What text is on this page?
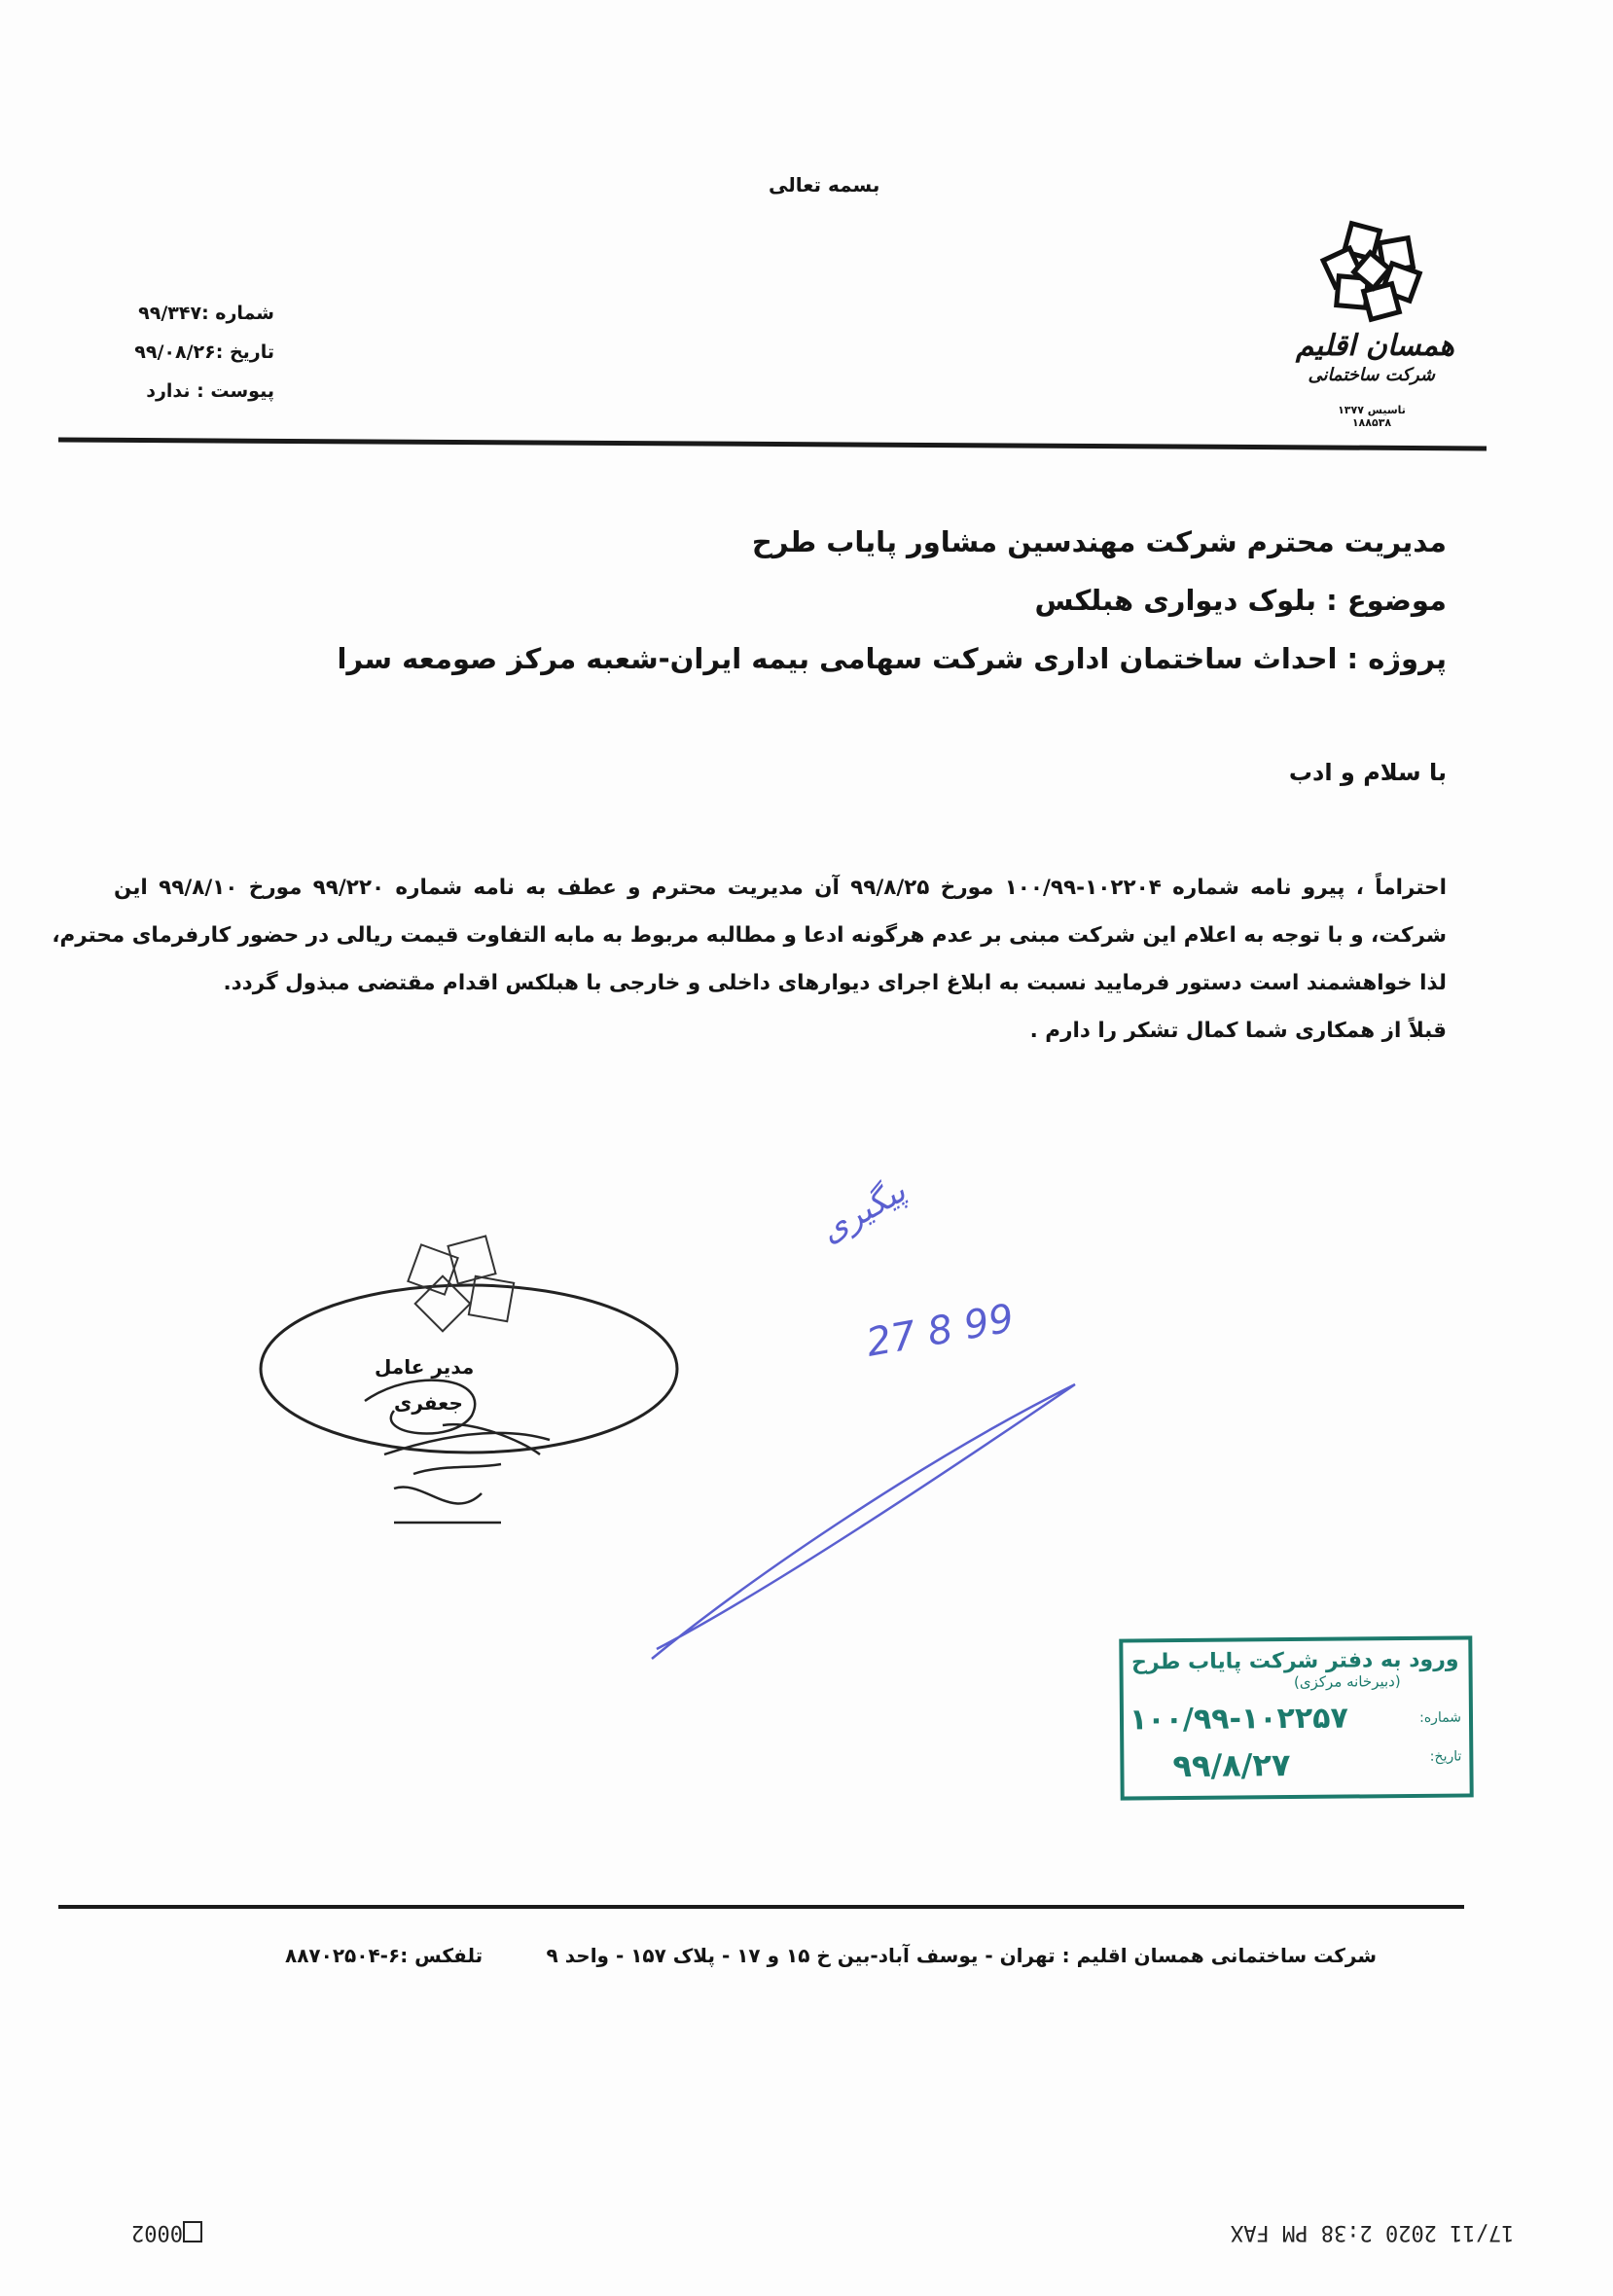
بسمه تعالی
شماره :۹۹/۳۴۷
تاریخ :۹۹/۰۸/۲۶
پیوست : ندارد
همسان اقلیم
شرکت ساختمانی
تاسیس ۱۳۷۷
۱۸۸۵۳۸
مدیریت محترم شرکت مهندسین مشاور پایاب طرح
موضوع : بلوک دیواری هبلکس
پروژه : احداث ساختمان اداری شرکت سهامی بیمه ایران-شعبه مرکز صومعه سرا
با سلام و ادب

احتراماً ، پیرو نامه شماره ۱۰۲۲۰۴-۱۰۰/۹۹ مورخ ۹۹/۸/۲۵ آن مدیریت محترم و عطف به نامه شماره ۹۹/۲۲۰ مورخ ۹۹/۸/۱۰ این

شرکت، و با توجه به اعلام این شرکت مبنی بر عدم هرگونه ادعا و مطالبه مربوط به مابه التفاوت قیمت ریالی در حضور کارفرمای محترم،

لذا خواهشمند است دستور فرمایید نسبت به ابلاغ اجرای دیوارهای داخلی و خارجی با هبلکس اقدام مقتضی مبذول گردد.

قبلاً از همکاری شما کمال تشکر را دارم .

مدیر عامل
جعفری
پیگیری
27 8 99
ورود به دفتر شرکت پایاب طرح
(دبیرخانه مرکزی)
شماره:
تاریخ:
۱۰۰/۹۹-۱۰۲۲۵۷
۹۹/۸/۲۷
شرکت ساختمانی همسان اقلیم : تهران - یوسف آباد-بین خ ۱۵ و ۱۷ - پلاک ۱۵۷ - واحد ۹
تلفکس :۶-۸۸۷۰۲۵۰۴
17/11 2020 2:38 PM FAX
0002
